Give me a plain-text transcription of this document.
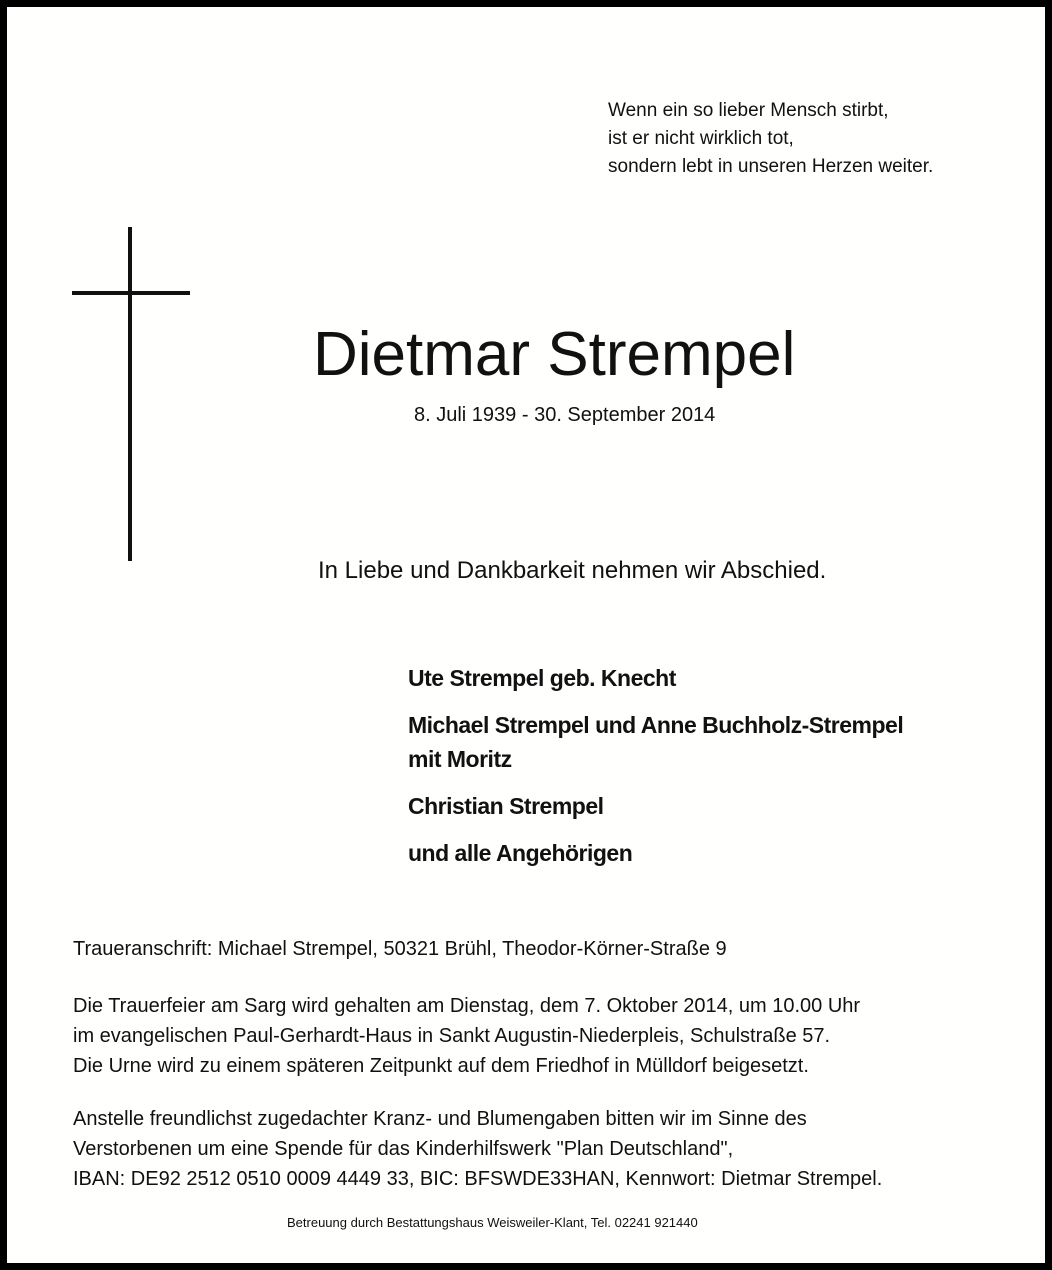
Wenn ein so lieber Mensch stirbt,
ist er nicht wirklich tot,
sondern lebt in unseren Herzen weiter.
Dietmar Strempel
8. Juli 1939 - 30. September 2014
In Liebe und Dankbarkeit nehmen wir Abschied.
Ute Strempel geb. Knecht
Michael Strempel und Anne Buchholz-Strempel
mit Moritz
Christian Strempel
und alle Angehörigen
Traueranschrift: Michael Strempel, 50321 Brühl, Theodor-Körner-Straße 9
Die Trauerfeier am Sarg wird gehalten am Dienstag, dem 7. Oktober 2014, um 10.00 Uhr
im evangelischen Paul-Gerhardt-Haus in Sankt Augustin-Niederpleis, Schulstraße 57.
Die Urne wird zu einem späteren Zeitpunkt auf dem Friedhof in Mülldorf beigesetzt.
Anstelle freundlichst zugedachter Kranz- und Blumengaben bitten wir im Sinne des
Verstorbenen um eine Spende für das Kinderhilfswerk "Plan Deutschland",
IBAN: DE92 2512 0510 0009 4449 33, BIC: BFSWDE33HAN, Kennwort: Dietmar Strempel.
Betreuung durch Bestattungshaus Weisweiler-Klant, Tel. 02241 921440
